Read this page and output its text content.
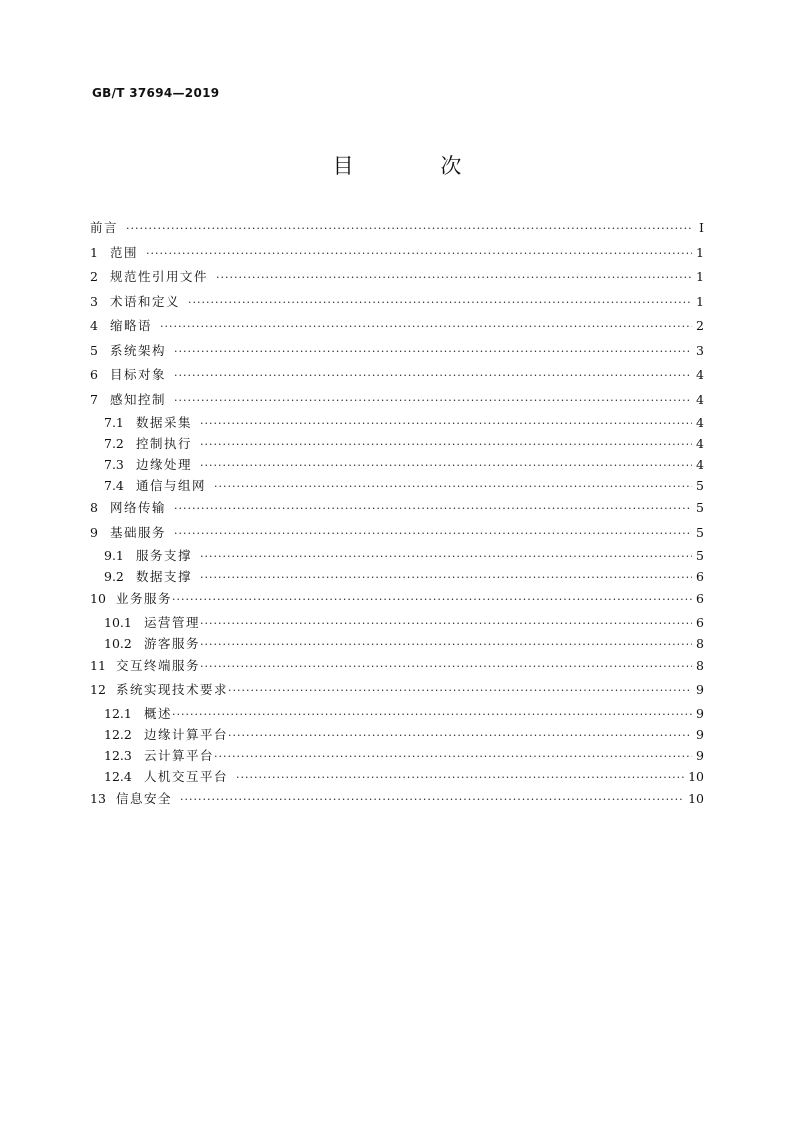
GB/T 37694—2019
目 次
前言 ·····	Ⅰ
1 范围 ·····	1
2 规范性引用文件 ·····	1
3 术语和定义 ·····	1
4 缩略语 ·····	2
5 系统架构 ·····	3
6 目标对象 ·····	4
7 感知控制 ·····	4
7.1 数据采集 ·····	4
7.2 控制执行 ·····	4
7.3 边缘处理 ·····	4
7.4 通信与组网 ·····	5
8 网络传输 ·····	5
9 基础服务 ·····	5
9.1 服务支撑 ·····	5
9.2 数据支撑 ·····	6
10 业务服务 ·····	6
10.1 运营管理 ·····	6
10.2 游客服务 ·····	8
11 交互终端服务 ·····	8
12 系统实现技术要求 ·····	9
12.1 概述 ·····	9
12.2 边缘计算平台 ·····	9
12.3 云计算平台 ·····	9
12.4 人机交互平台 ·····	10
13 信息安全 ·····	10
